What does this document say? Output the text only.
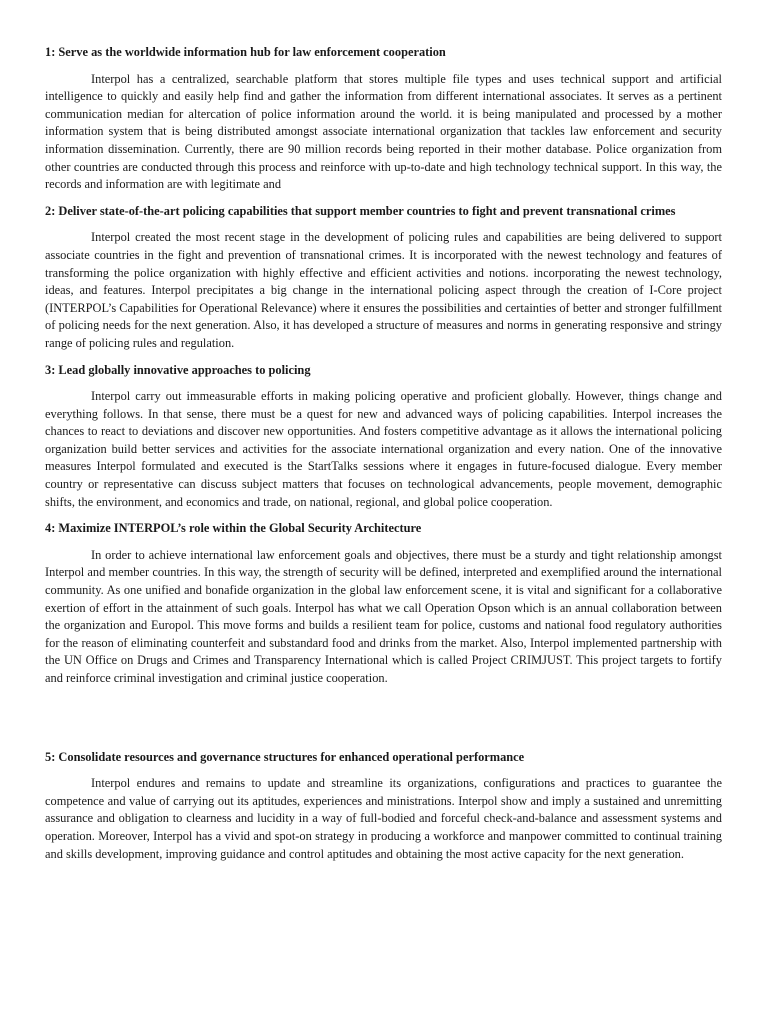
1: Serve as the worldwide information hub for law enforcement cooperation

Interpol has a centralized, searchable platform that stores multiple file types and uses technical support and artificial intelligence to quickly and easily help find and gather the information from different international associates. It serves as a pertinent communication median for altercation of police information around the world. it is being manipulated and processed by a mother information system that is being distributed amongst associate international organization that tackles law enforcement and security information dissemination. Currently, there are 90 million records being reported in their mother database. Police organization from other countries are conducted through this process and reinforce with up-to-date and high technology technical support. In this way, the records and information are with legitimate and

2: Deliver state-of-the-art policing capabilities that support member countries to fight and prevent transnational crimes

Interpol created the most recent stage in the development of policing rules and capabilities are being delivered to support associate countries in the fight and prevention of transnational crimes. It is incorporated with the newest technology and features of transforming the police organization with highly effective and efficient activities and notions. incorporating the newest technology, ideas, and features. Interpol precipitates a big change in the international policing aspect through the creation of I-Core project (INTERPOL’s Capabilities for Operational Relevance) where it ensures the possibilities and certainties of better and stronger fulfillment of policing needs for the next generation. Also, it has developed a structure of measures and norms in generating responsive and stringy range of policing rules and regulation.

3: Lead globally innovative approaches to policing

Interpol carry out immeasurable efforts in making policing operative and proficient globally. However, things change and everything follows. In that sense, there must be a quest for new and advanced ways of policing capabilities. Interpol increases the chances to react to deviations and discover new opportunities. And fosters competitive advantage as it allows the international policing organization build better services and activities for the associate international organization and every nation. One of the innovative measures Interpol formulated and executed is the StartTalks sessions where it engages in future-focused dialogue. Every member country or representative can discuss subject matters that focuses on technological advancements, people movement, demographic shifts, the environment, and economics and trade, on national, regional, and global police cooperation.

4: Maximize INTERPOL’s role within the Global Security Architecture

In order to achieve international law enforcement goals and objectives, there must be a sturdy and tight relationship amongst Interpol and member countries. In this way, the strength of security will be defined, interpreted and exemplified around the international community. As one unified and bonafide organization in the global law enforcement scene, it is vital and significant for a collaborative exertion of effort in the attainment of such goals. Interpol has what we call Operation Opson which is an annual collaboration between the organization and Europol. This move forms and builds a resilient team for police, customs and national food regulatory authorities for the reason of eliminating counterfeit and substandard food and drinks from the market. Also, Interpol implemented partnership with the UN Office on Drugs and Crimes and Transparency International which is called Project CRIMJUST. This project targets to fortify and reinforce criminal investigation and criminal justice cooperation.

5: Consolidate resources and governance structures for enhanced operational performance

Interpol endures and remains to update and streamline its organizations, configurations and practices to guarantee the competence and value of carrying out its aptitudes, experiences and ministrations. Interpol show and imply a sustained and unremitting assurance and obligation to clearness and lucidity in a way of full-bodied and forceful check-and-balance and assessment systems and operation. Moreover, Interpol has a vivid and spot-on strategy in producing a workforce and manpower committed to continual training and skills development, improving guidance and control aptitudes and obtaining the most active capacity for the next generation.
